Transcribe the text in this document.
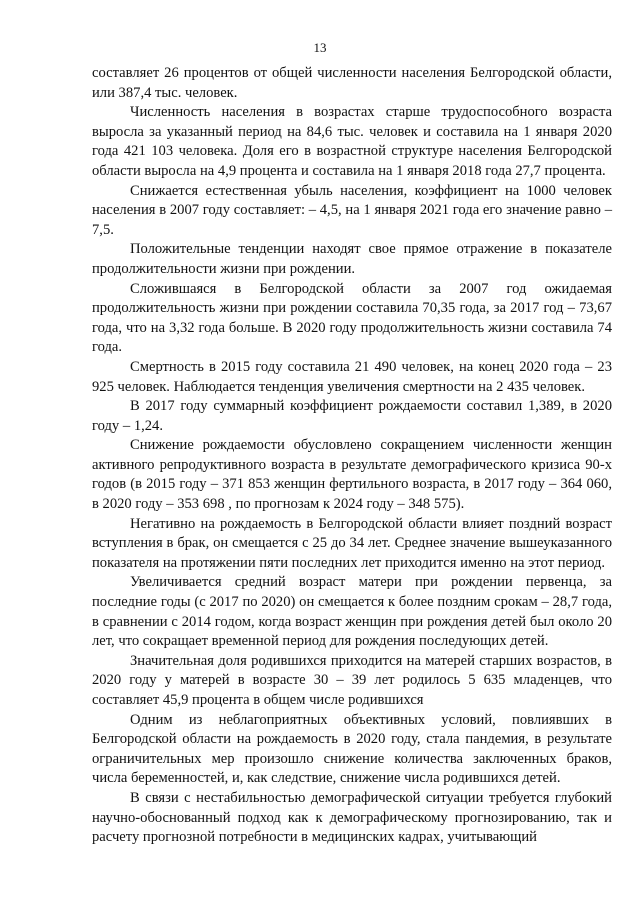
13

составляет 26 процентов от общей численности населения Белгородской области, или 387,4 тыс. человек.

Численность населения в возрастах старше трудоспособного возраста выросла за указанный период на 84,6 тыс. человек и составила на 1 января 2020 года 421 103 человека. Доля его в возрастной структуре населения Белгородской области выросла на 4,9 процента и составила на 1 января 2018 года 27,7 процента.

Снижается естественная убыль населения, коэффициент на 1000 человек населения в 2007 году составляет: – 4,5, на 1 января 2021 года его значение равно – 7,5.

Положительные тенденции находят свое прямое отражение в показателе продолжительности жизни при рождении.

Сложившаяся в Белгородской области за 2007 год ожидаемая продолжительность жизни при рождении составила 70,35 года, за 2017 год – 73,67 года, что на 3,32 года больше. В 2020 году продолжительность жизни составила 74 года.

Смертность в 2015 году составила 21 490 человек, на конец 2020 года – 23 925 человек. Наблюдается тенденция увеличения смертности на 2 435 человек.

В 2017 году суммарный коэффициент рождаемости составил 1,389, в 2020 году – 1,24.

Снижение рождаемости обусловлено сокращением численности женщин активного репродуктивного возраста в результате демографического кризиса 90-х годов (в 2015 году – 371 853 женщин фертильного возраста, в 2017 году – 364 060, в 2020 году – 353 698 , по прогнозам к 2024 году – 348 575).

Негативно на рождаемость в Белгородской области влияет поздний возраст вступления в брак, он смещается с 25 до 34 лет. Среднее значение вышеуказанного показателя на протяжении пяти последних лет приходится именно на этот период.

Увеличивается средний возраст матери при рождении первенца, за последние годы (с 2017 по 2020) он смещается к более поздним срокам – 28,7 года, в сравнении с 2014 годом, когда возраст женщин при рождения детей был около 20 лет, что сокращает временной период для рождения последующих детей.

Значительная доля родившихся приходится на матерей старших возрастов, в 2020 году у матерей в возрасте 30 – 39 лет родилось 5 635 младенцев, что составляет 45,9 процента в общем числе родившихся

Одним из неблагоприятных объективных условий, повлиявших в Белгородской области на рождаемость в 2020 году, стала пандемия, в результате ограничительных мер произошло снижение количества заключенных браков, числа беременностей, и, как следствие, снижение числа родившихся детей.

В связи с нестабильностью демографической ситуации требуется глубокий научно-обоснованный подход как к демографическому прогнозированию, так и расчету прогнозной потребности в медицинских кадрах, учитывающий
